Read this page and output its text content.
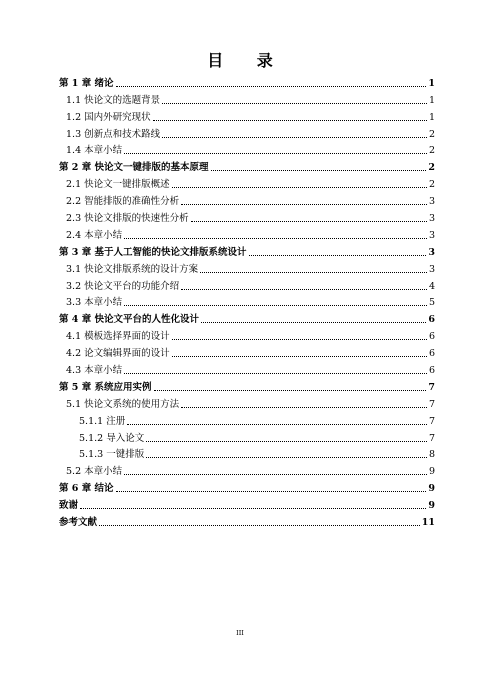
目 录
第 1 章 绪论	1
1.1 快论文的选题背景	1
1.2 国内外研究现状	1
1.3 创新点和技术路线	2
1.4 本章小结	2
第 2 章 快论文一键排版的基本原理	2
2.1 快论文一键排版概述	2
2.2 智能排版的准确性分析	3
2.3 快论文排版的快速性分析	3
2.4 本章小结	3
第 3 章 基于人工智能的快论文排版系统设计	3
3.1 快论文排版系统的设计方案	3
3.2 快论文平台的功能介绍	4
3.3 本章小结	5
第 4 章 快论文平台的人性化设计	6
4.1 模板选择界面的设计	6
4.2 论文编辑界面的设计	6
4.3 本章小结	6
第 5 章 系统应用实例	7
5.1 快论文系统的使用方法	7
5.1.1 注册	7
5.1.2 导入论文	7
5.1.3 一键排版	8
5.2 本章小结	9
第 6 章 结论	9
致谢	9
参考文献	11
III
